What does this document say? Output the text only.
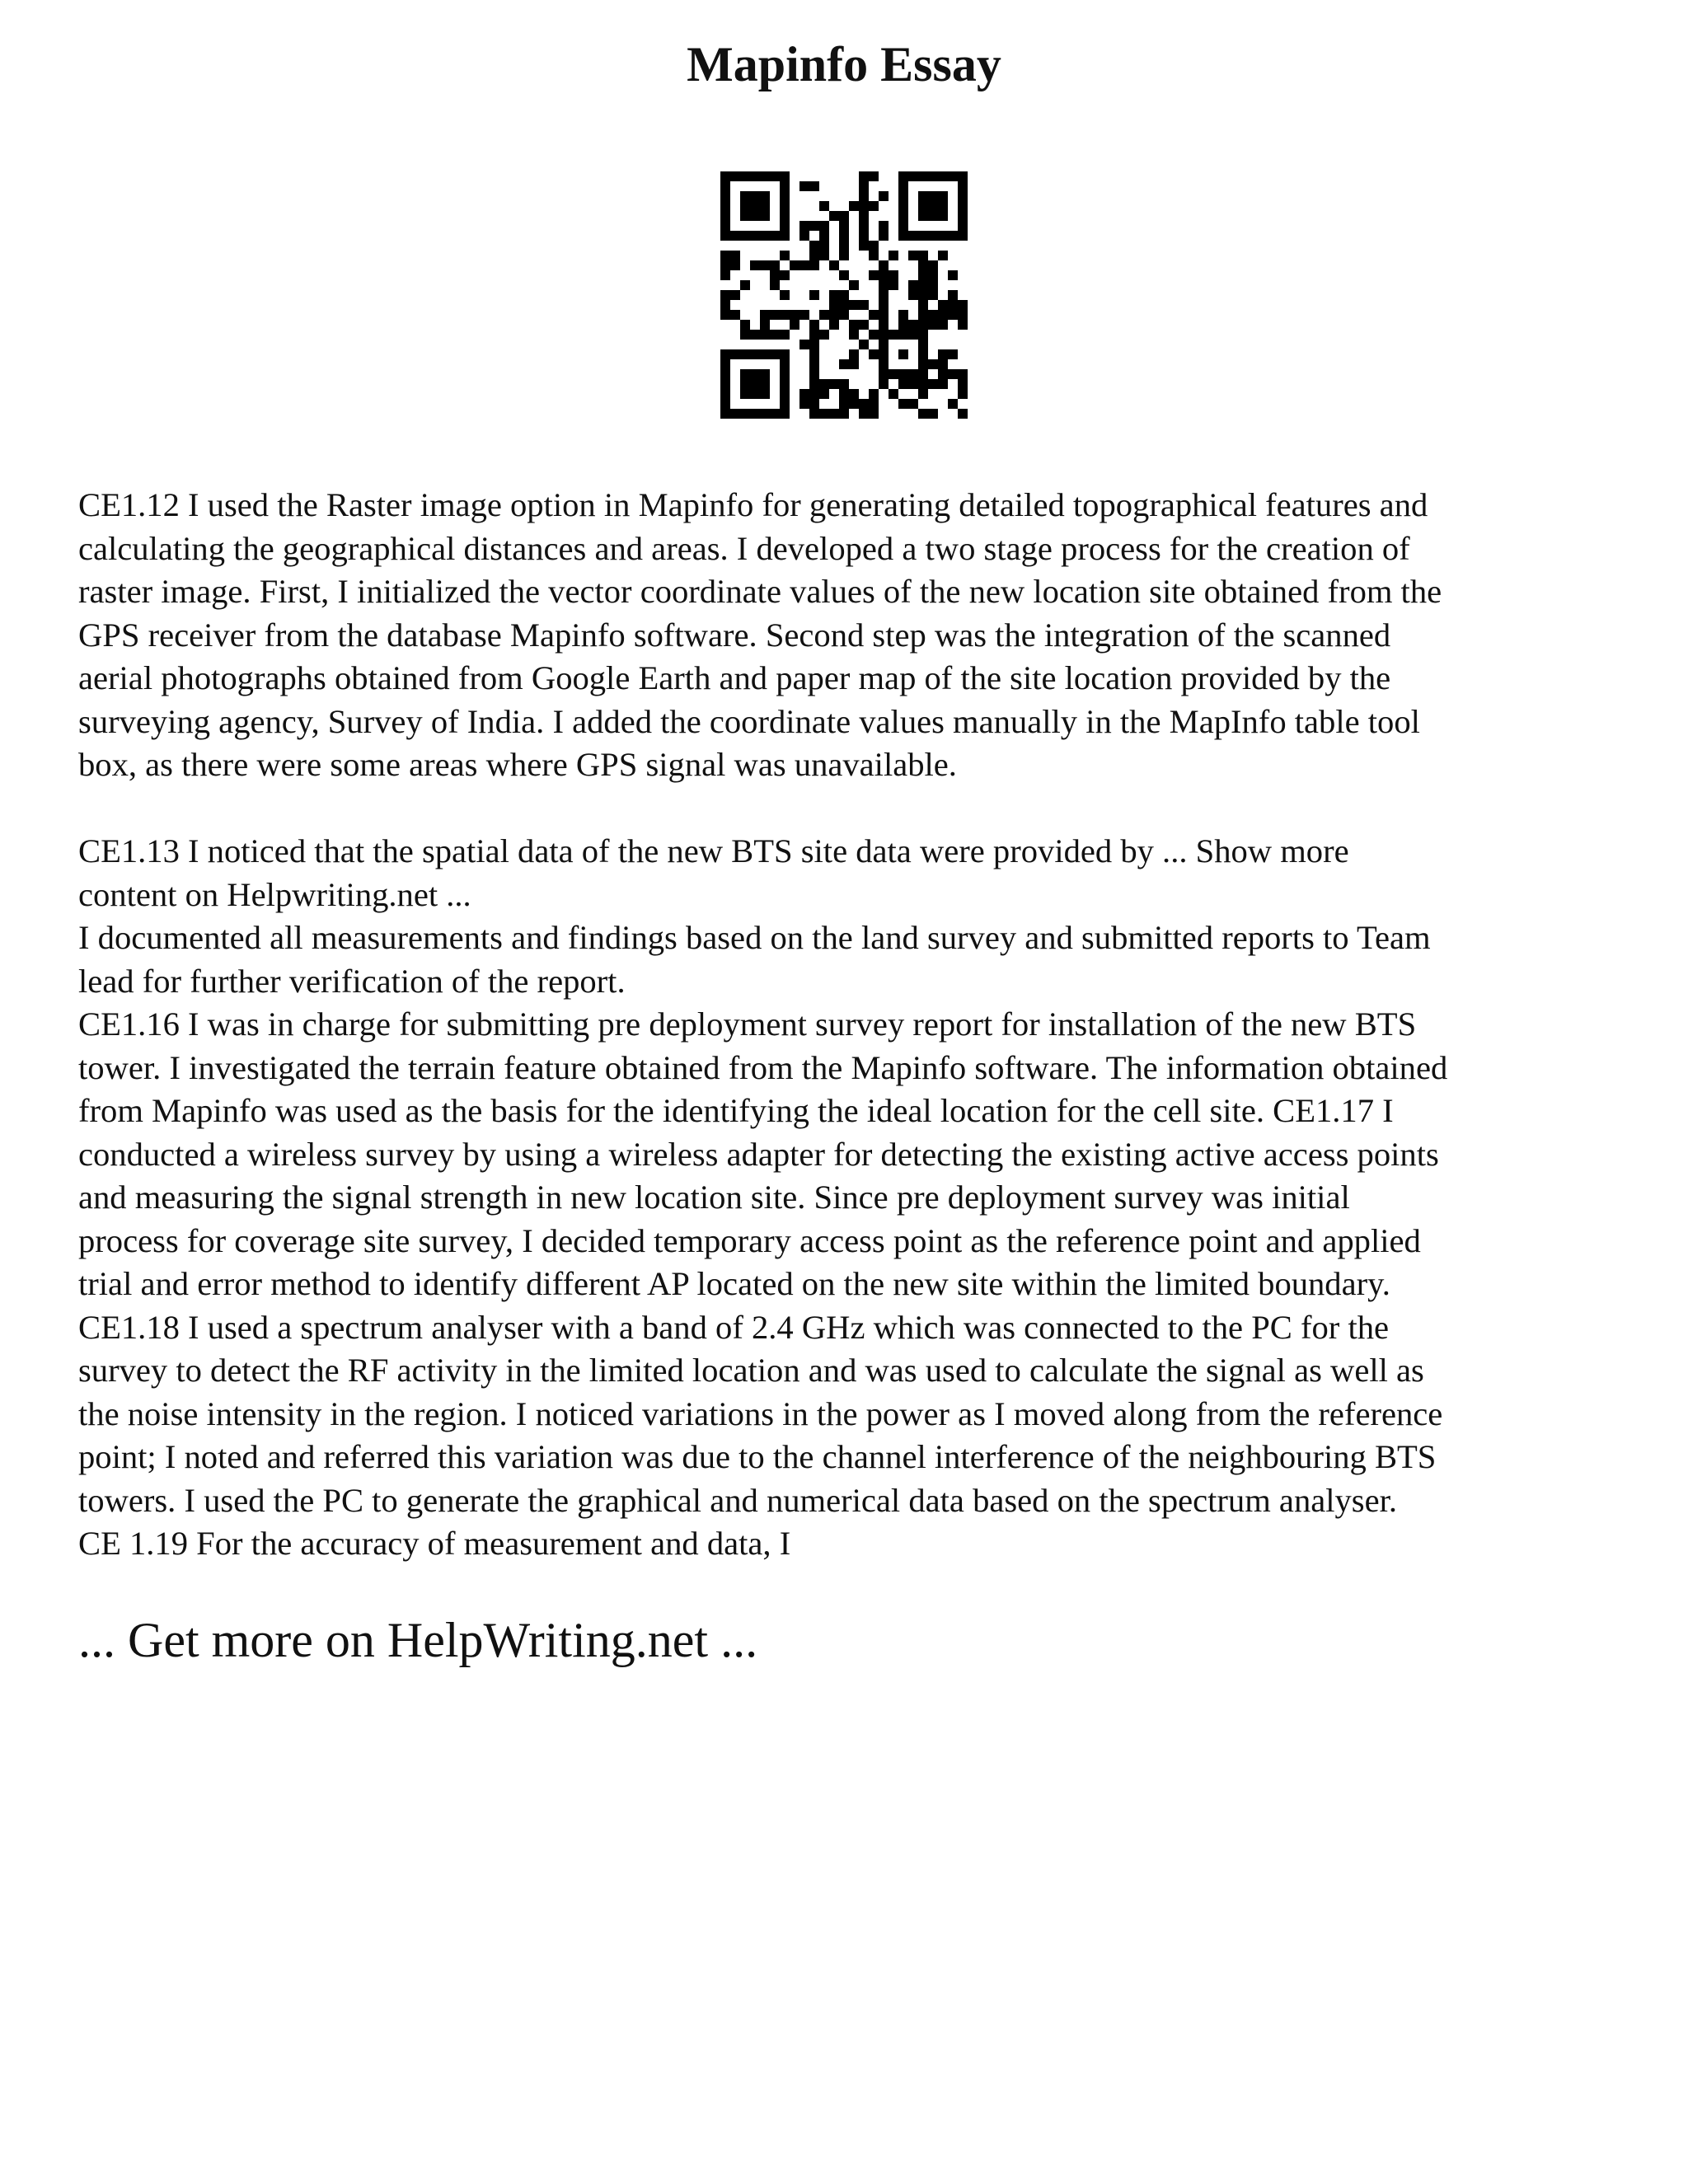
Mapinfo Essay

CE1.12 I used the Raster image option in Mapinfo for generating detailed topographical features and
calculating the geographical distances and areas. I developed a two stage process for the creation of
raster image. First, I initialized the vector coordinate values of the new location site obtained from the
GPS receiver from the database Mapinfo software. Second step was the integration of the scanned
aerial photographs obtained from Google Earth and paper map of the site location provided by the
surveying agency, Survey of India. I added the coordinate values manually in the MapInfo table tool
box, as there were some areas where GPS signal was unavailable.

CE1.13 I noticed that the spatial data of the new BTS site data were provided by ... Show more
content on Helpwriting.net ...

I documented all measurements and findings based on the land survey and submitted reports to Team
lead for further verification of the report.

CE1.16 I was in charge for submitting pre deployment survey report for installation of the new BTS
tower. I investigated the terrain feature obtained from the Mapinfo software. The information obtained
from Mapinfo was used as the basis for the identifying the ideal location for the cell site. CE1.17 I
conducted a wireless survey by using a wireless adapter for detecting the existing active access points
and measuring the signal strength in new location site. Since pre deployment survey was initial
process for coverage site survey, I decided temporary access point as the reference point and applied
trial and error method to identify different AP located on the new site within the limited boundary.
CE1.18 I used a spectrum analyser with a band of 2.4 GHz which was connected to the PC for the
survey to detect the RF activity in the limited location and was used to calculate the signal as well as
the noise intensity in the region. I noticed variations in the power as I moved along from the reference
point; I noted and referred this variation was due to the channel interference of the neighbouring BTS
towers. I used the PC to generate the graphical and numerical data based on the spectrum analyser.
CE 1.19 For the accuracy of measurement and data, I

... Get more on HelpWriting.net ...
